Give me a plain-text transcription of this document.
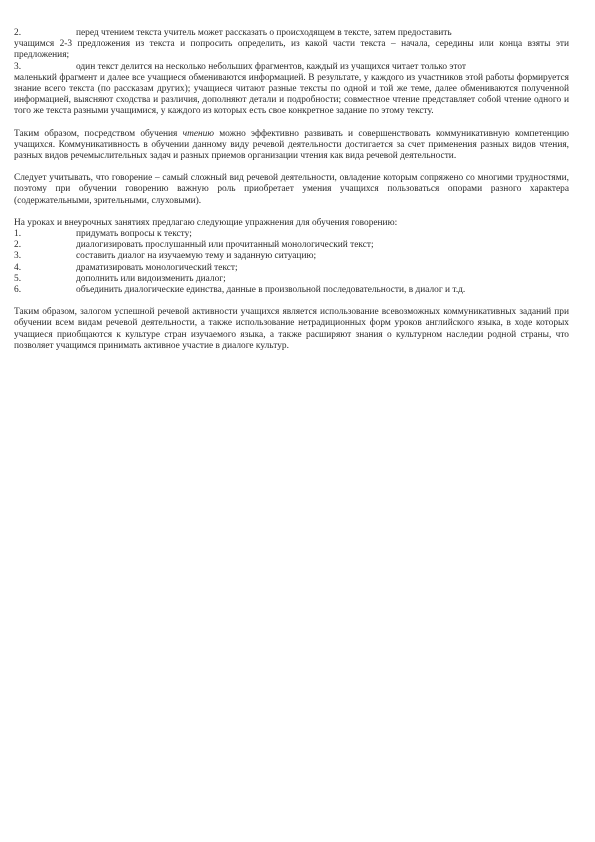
2.	перед чтением текста учитель может рассказать о происходящем в тексте, затем предоставить
учащимся 2-3 предложения из текста и попросить определить, из какой части текста – начала, середины или конца взяты эти предложения;
3.	один текст делится на несколько небольших фрагментов, каждый из учащихся читает только этот
маленький фрагмент и далее все учащиеся обмениваются информацией. В результате, у каждого из участников этой работы формируется знание всего текста (по рассказам других); учащиеся читают разные тексты по одной и той же теме, далее обмениваются полученной информацией, выясняют сходства и различия, дополняют детали и подробности; совместное чтение представляет собой чтение одного и того же текста разными учащимися, у каждого из которых есть свое конкретное задание по этому тексту.

Таким образом, посредством обучения чтению можно эффективно развивать и совершенствовать коммуникативную компетенцию учащихся. Коммуникативность в обучении данному виду речевой деятельности достигается за счет применения разных видов чтения, разных видов речемыслительных задач и разных приемов организации чтения как вида речевой деятельности.

Следует учитывать, что говорение – самый сложный вид речевой деятельности, овладение которым сопряжено со многими трудностями, поэтому при обучении говорению важную роль приобретает умения учащихся пользоваться опорами разного характера (содержательными, зрительными, слуховыми).

На уроках и внеурочных занятиях предлагаю следующие упражнения для обучения говорению:

1.	придумать вопросы к тексту;
2.	диалогизировать прослушанный или прочитанный монологический текст;
3.	составить диалог на изучаемую тему и заданную ситуацию;
4.	драматизировать монологический текст;
5.	дополнить или видоизменить диалог;
6.	объединить диалогические единства, данные в произвольной последовательности, в диалог и т.д.

Таким образом, залогом успешной речевой активности учащихся является использование всевозможных коммуникативных заданий при обучении всем видам речевой деятельности, а также использование нетрадиционных форм уроков английского языка, в ходе которых учащиеся приобщаются к культуре стран изучаемого языка, а также расширяют знания о культурном наследии родной страны, что позволяет учащимся принимать активное участие в диалоге культур.
